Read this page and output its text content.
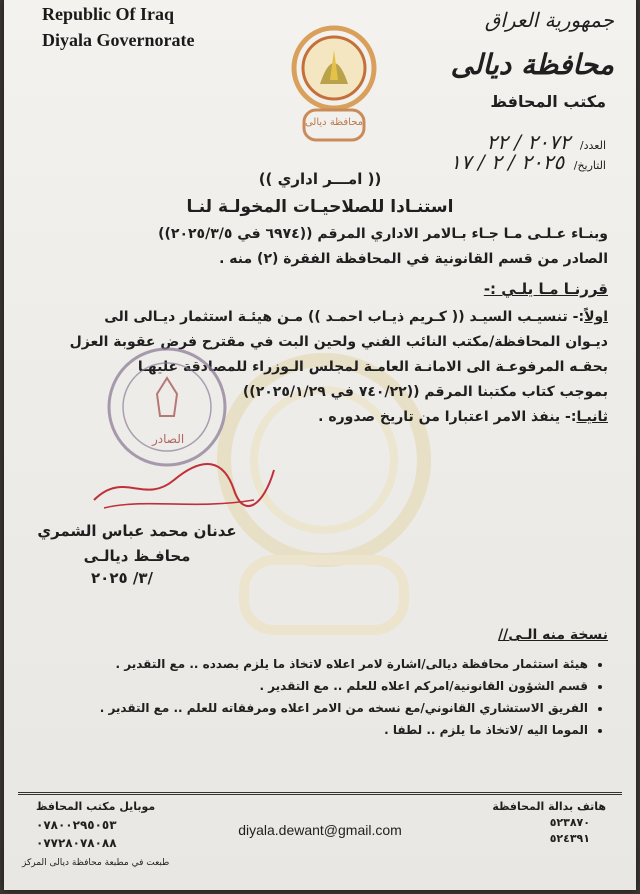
Republic Of Iraq
Diyala Governorate
جمهورية العراق
محافظة ديالى
مكتب المحافظ
محافظة ديالى
العدد/ ٢٠٧٢ / ٢٢
التاريخ/ ٢٠٢٥ / ٢ / ١٧
(( امـــر اداري ))
استنـادا للصلاحيـات المخولـة لنـا
وبنـاء عـلـى مـا جـاء بـالامر الاداري المرقم ((٦٩٧٤ في ٢٠٢٥/٣/٥))
الصادر من قسم القانونية في المحافظة الفقرة (٢) منه .
قررنـا مـا يلـي :-
اولاً:- تنسيـب السيـد (( كـريم ذيـاب احمـد )) مـن هيئـة استثمار ديـالى الى
ديـوان المحافظة/مكتب النائب الفني ولحين البت في مقترح فرض عقوبة العزل
بحقـه المرفوعـة الى الامانـة العامـة لمجلس الـوزراء للمصادقة عليهـا
بموجب كتاب مكتبنا المرقم ((٧٤٠/٢٢ في ٢٠٢٥/١/٢٩))
ثانيـا:- ينفذ الامر اعتبارا من تاريخ صدوره .
الصادر
عدنان محمد عباس الشمري
محافـظ ديالـى
/٣/ ٢٠٢٥
نسخة منه الـى//
• هيئة استثمار محافظة ديالى/اشارة لامر اعلاه لاتخاذ ما يلزم بصدده .. مع التقدير .
• قسم الشؤون القانونية/امركم اعلاه للعلم .. مع التقدير .
• الفريق الاستشاري القانوني/مع نسخه من الامر اعلاه ومرفقاته للعلم .. مع التقدير .
• الموما اليه /لاتخاذ ما يلزم .. لطفا .
هاتف بدالة المحافظة
٥٢٣٨٧٠
٥٢٤٣٩١
موبايل مكتب المحافظ
٠٧٨٠٠٢٩٥٠٥٣
٠٧٧٢٨٠٧٨٠٨٨
طبعت في مطبعة محافظة ديالى المركز
diyala.dewant@gmail.com
